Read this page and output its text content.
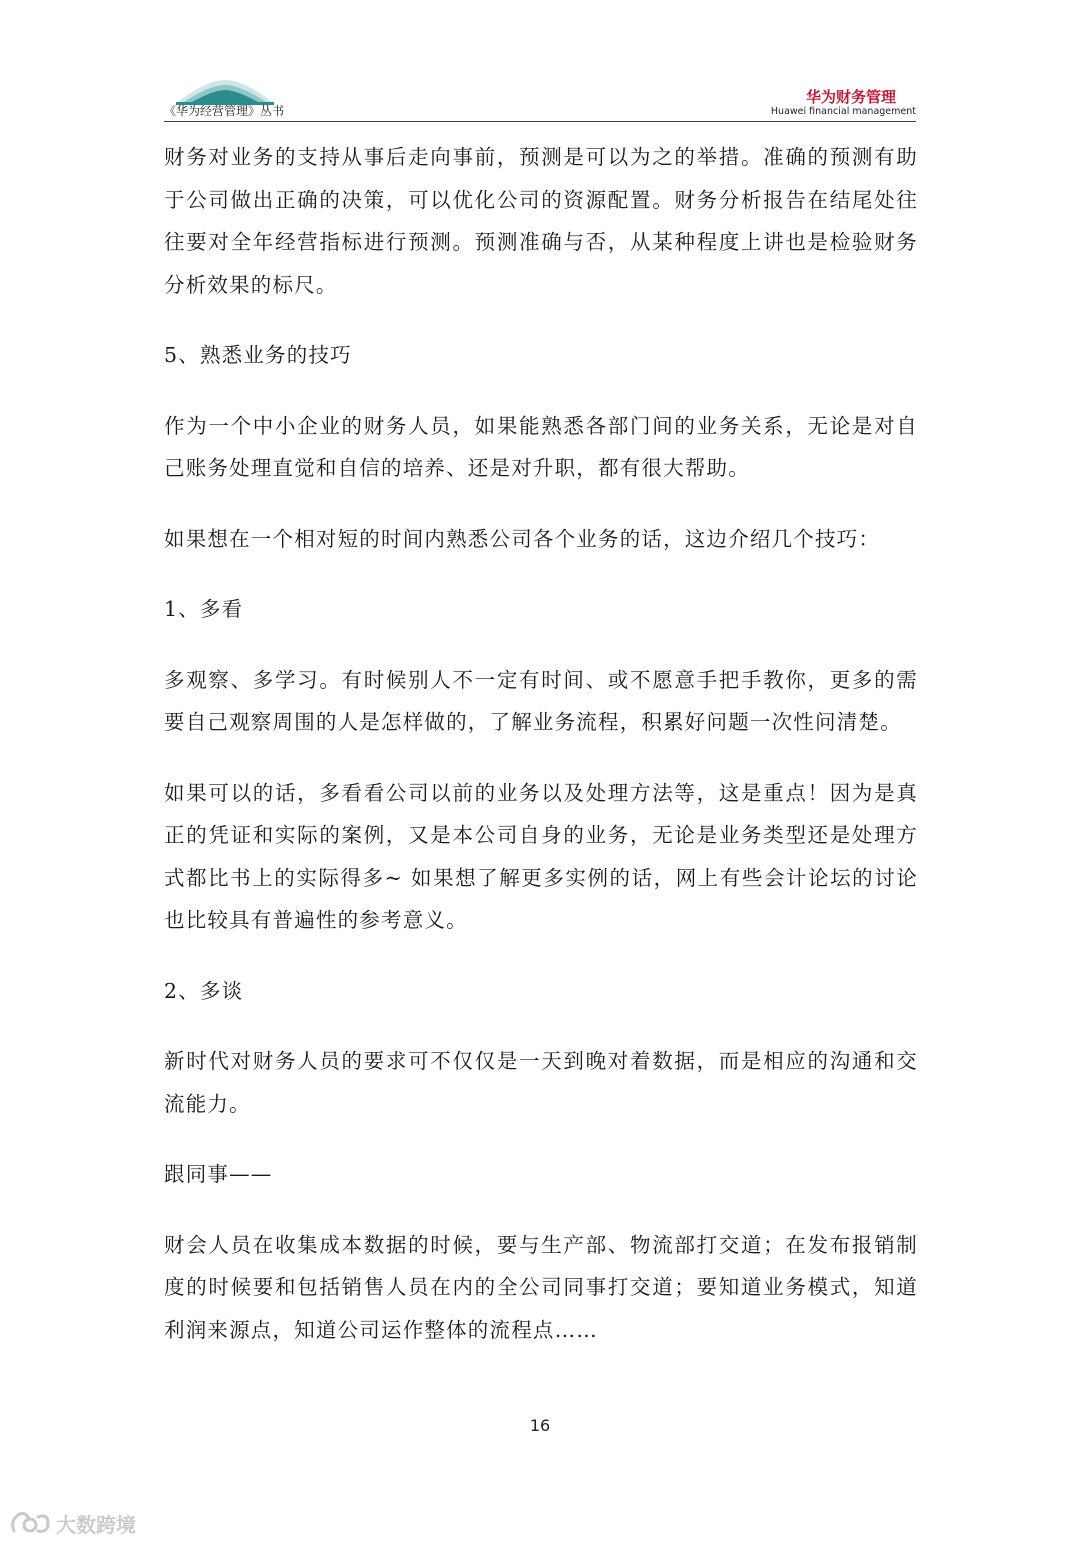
《华为经营管理》丛书
华为财务管理
Huawei financial management

财务对业务的支持从事后走向事前，预测是可以为之的举措。准确的预测有助于公司做出正确的决策，可以优化公司的资源配置。财务分析报告在结尾处往往要对全年经营指标进行预测。预测准确与否，从某种程度上讲也是检验财务分析效果的标尺。

5、熟悉业务的技巧

作为一个中小企业的财务人员，如果能熟悉各部门间的业务关系，无论是对自己账务处理直觉和自信的培养、还是对升职，都有很大帮助。

如果想在一个相对短的时间内熟悉公司各个业务的话，这边介绍几个技巧：

1、多看

多观察、多学习。有时候别人不一定有时间、或不愿意手把手教你，更多的需要自己观察周围的人是怎样做的，了解业务流程，积累好问题一次性问清楚。

如果可以的话，多看看公司以前的业务以及处理方法等，这是重点！因为是真正的凭证和实际的案例，又是本公司自身的业务，无论是业务类型还是处理方式都比书上的实际得多~ 如果想了解更多实例的话，网上有些会计论坛的讨论也比较具有普遍性的参考意义。

2、多谈

新时代对财务人员的要求可不仅仅是一天到晚对着数据，而是相应的沟通和交流能力。

跟同事——

财会人员在收集成本数据的时候，要与生产部、物流部打交道；在发布报销制度的时候要和包括销售人员在内的全公司同事打交道；要知道业务模式，知道利润来源点，知道公司运作整体的流程点……

16
大数跨境
